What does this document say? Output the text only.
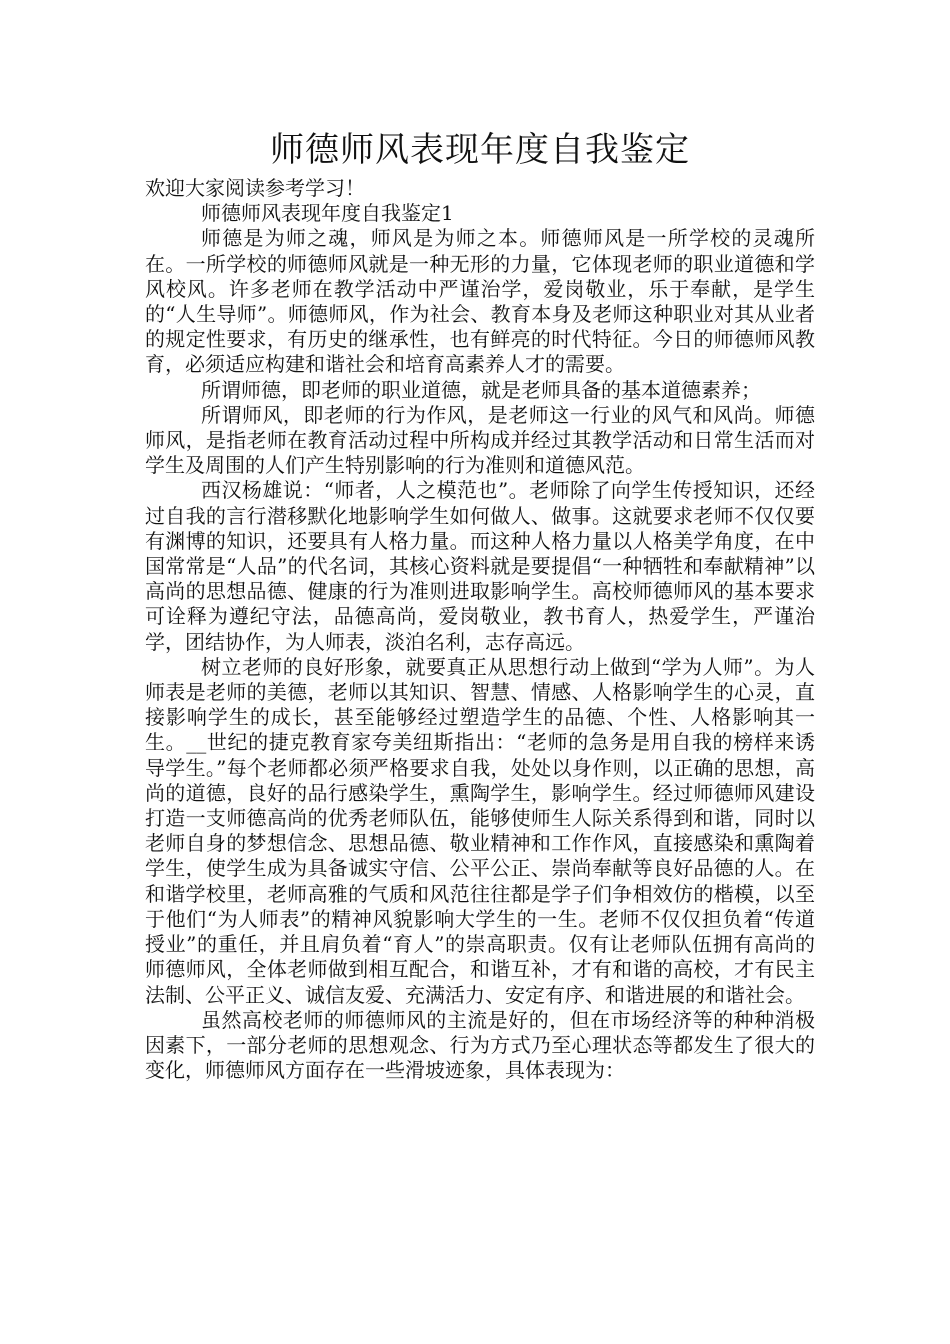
师德师风表现年度自我鉴定

欢迎大家阅读参考学习！

师德师风表现年度自我鉴定1

师德是为师之魂，师风是为师之本。师德师风是一所学校的灵魂所在。一所学校的师德师风就是一种无形的力量，它体现老师的职业道德和学风校风。许多老师在教学活动中严谨治学，爱岗敬业，乐于奉献，是学生的“人生导师”。师德师风，作为社会、教育本身及老师这种职业对其从业者的规定性要求，有历史的继承性，也有鲜亮的时代特征。今日的师德师风教育，必须适应构建和谐社会和培育高素养人才的需要。

所谓师德，即老师的职业道德，就是老师具备的基本道德素养；

所谓师风，即老师的行为作风，是老师这一行业的风气和风尚。师德师风，是指老师在教育活动过程中所构成并经过其教学活动和日常生活而对学生及周围的人们产生特别影响的行为准则和道德风范。

西汉杨雄说：“师者，人之模范也”。老师除了向学生传授知识，还经过自我的言行潜移默化地影响学生如何做人、做事。这就要求老师不仅仅要有渊博的知识，还要具有人格力量。而这种人格力量以人格美学角度，在中国常常是“人品”的代名词，其核心资料就是要提倡“一种牺牲和奉献精神”以高尚的思想品德、健康的行为准则进取影响学生。高校师德师风的基本要求可诠释为遵纪守法，品德高尚，爱岗敬业，教书育人，热爱学生，严谨治学，团结协作，为人师表，淡泊名利，志存高远。

树立老师的良好形象，就要真正从思想行动上做到“学为人师”。为人师表是老师的美德，老师以其知识、智慧、情感、人格影响学生的心灵，直接影响学生的成长，甚至能够经过塑造学生的品德、个性、人格影响其一生。__世纪的捷克教育家夸美纽斯指出：“老师的急务是用自我的榜样来诱导学生。”每个老师都必须严格要求自我，处处以身作则，以正确的思想，高尚的道德，良好的品行感染学生，熏陶学生，影响学生。经过师德师风建设打造一支师德高尚的优秀老师队伍，能够使师生人际关系得到和谐，同时以老师自身的梦想信念、思想品德、敬业精神和工作作风，直接感染和熏陶着学生，使学生成为具备诚实守信、公平公正、崇尚奉献等良好品德的人。在和谐学校里，老师高雅的气质和风范往往都是学子们争相效仿的楷模，以至于他们“为人师表”的精神风貌影响大学生的一生。老师不仅仅担负着“传道授业”的重任，并且肩负着“育人”的崇高职责。仅有让老师队伍拥有高尚的师德师风，全体老师做到相互配合，和谐互补，才有和谐的高校，才有民主法制、公平正义、诚信友爱、充满活力、安定有序、和谐进展的和谐社会。

虽然高校老师的师德师风的主流是好的，但在市场经济等的种种消极因素下，一部分老师的思想观念、行为方式乃至心理状态等都发生了很大的变化，师德师风方面存在一些滑坡迹象，具体表现为：
